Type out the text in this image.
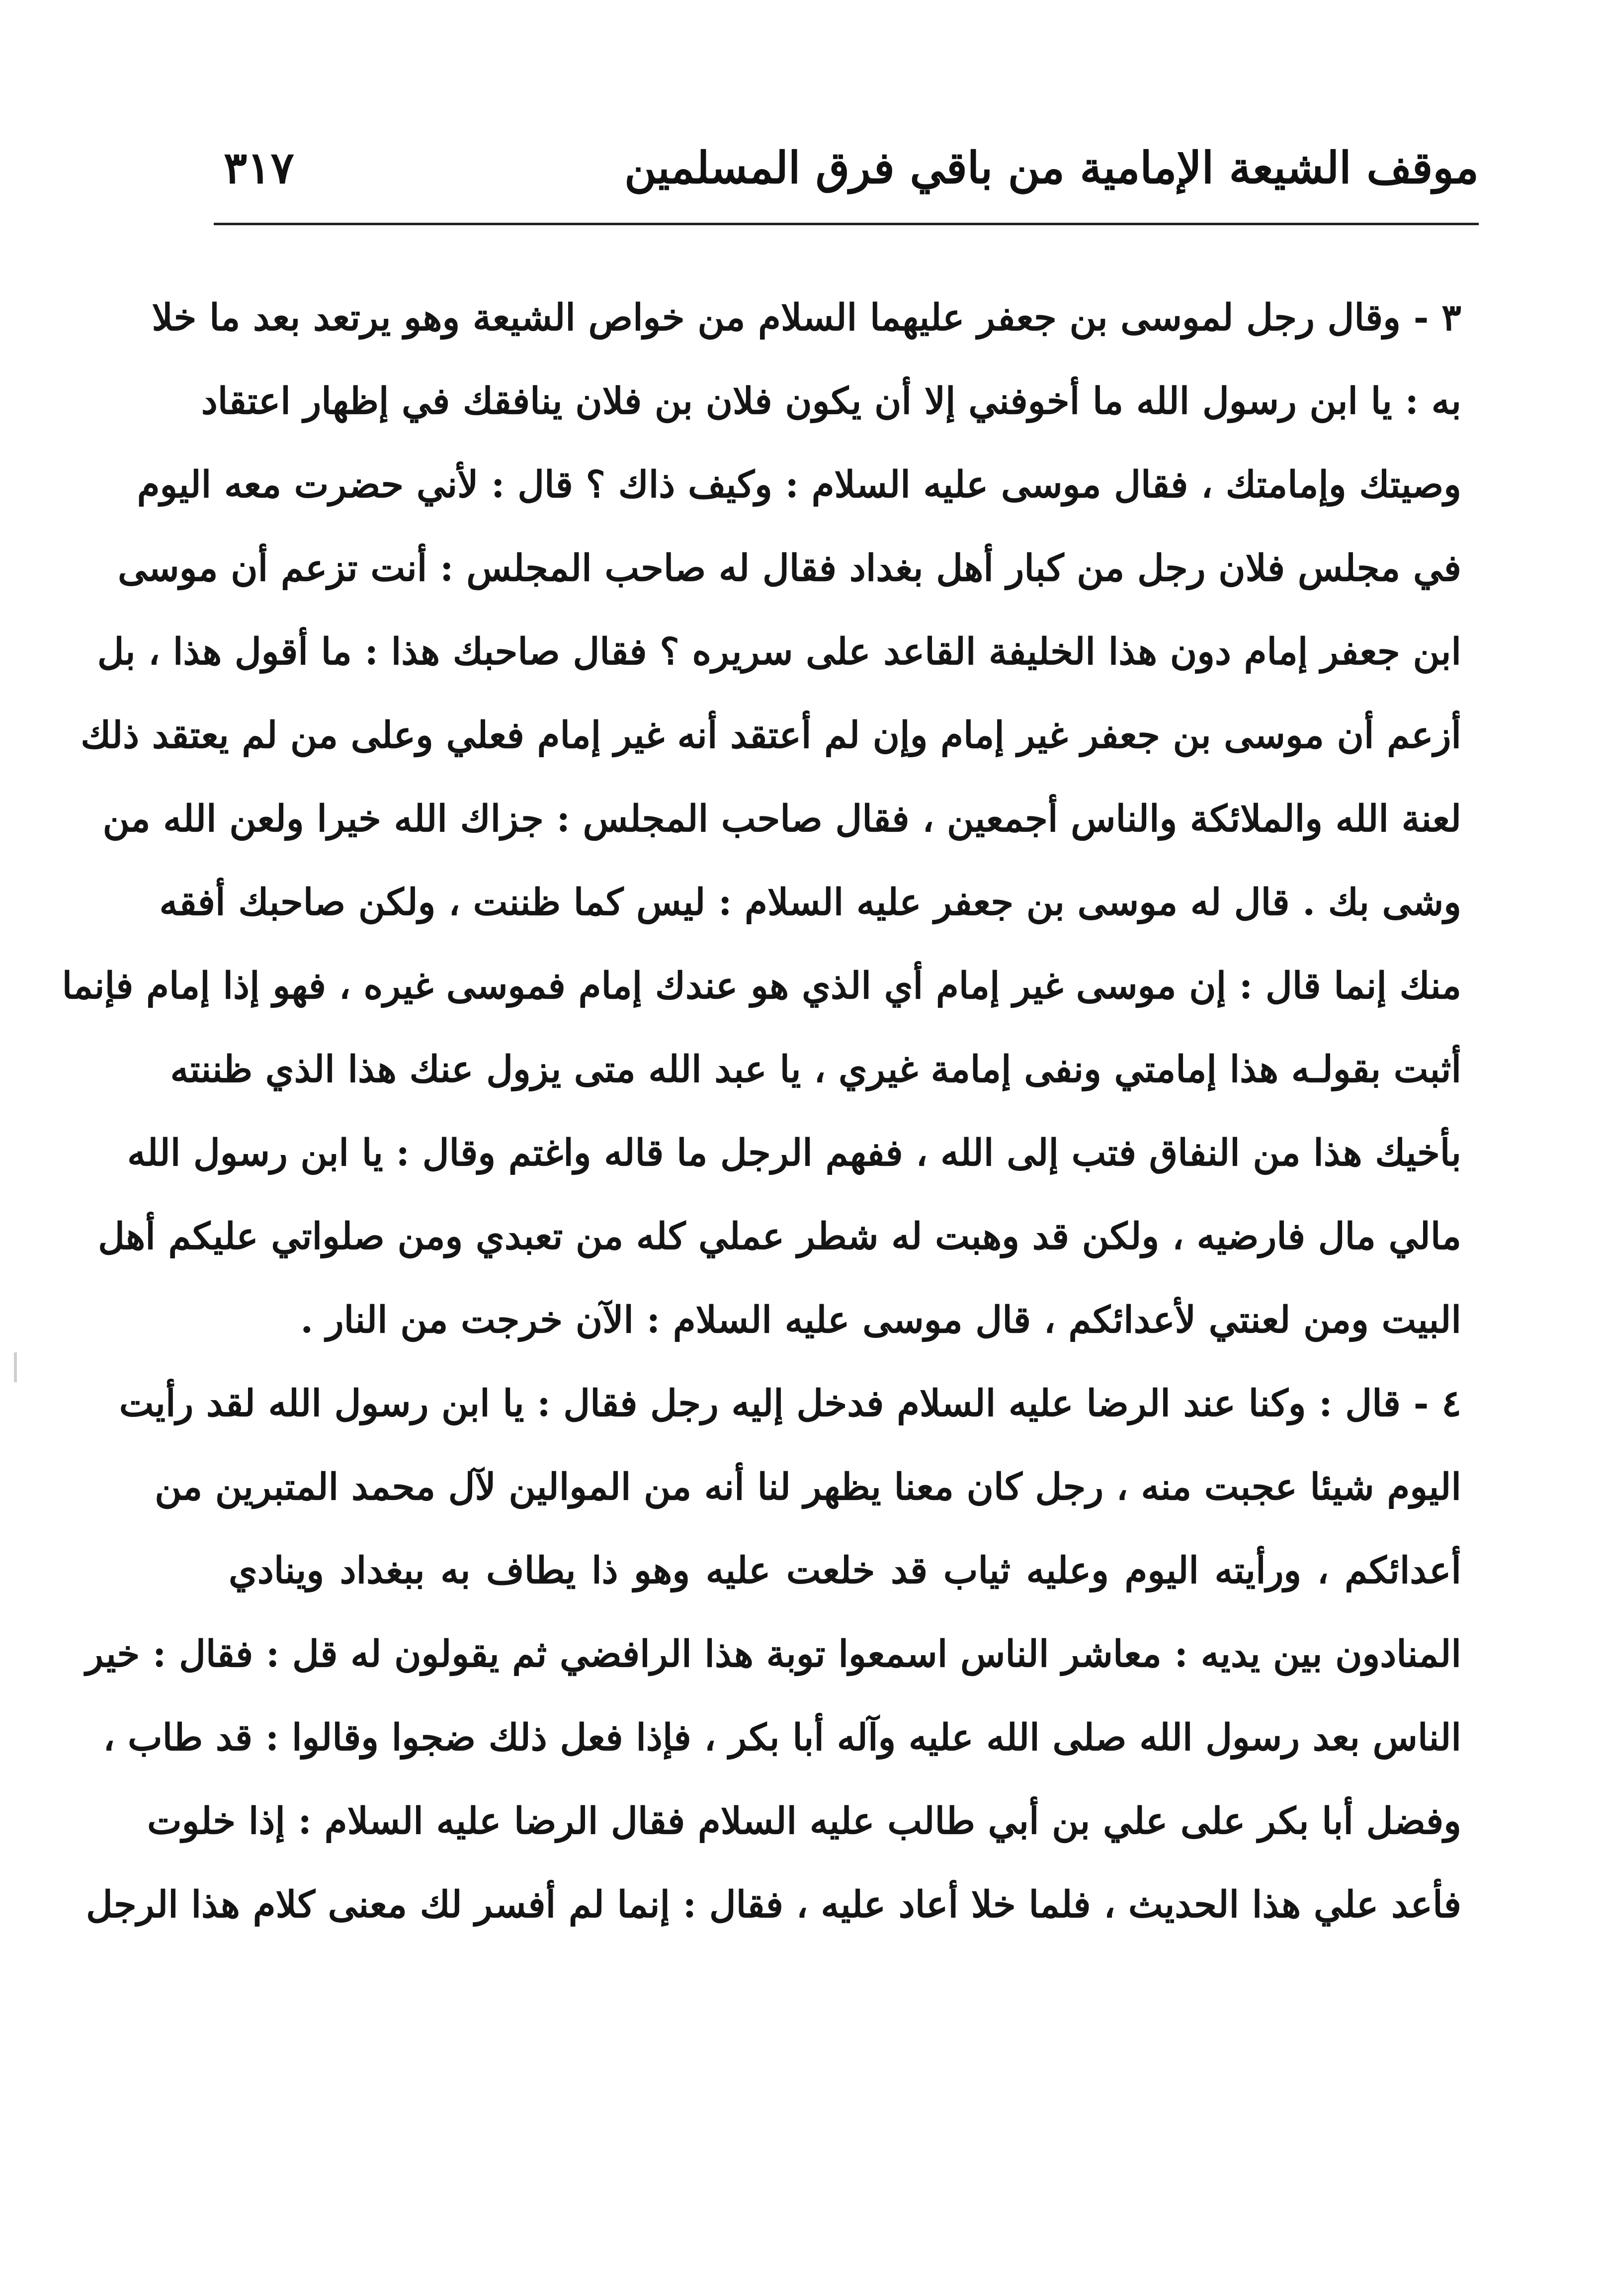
موقف الشيعة الإمامية من باقي فرق المسلمين
٣١٧
٣ - وقال رجل لموسى بن جعفر عليهما السلام من خواص الشيعة وهو يرتعد بعد ما خلا
به : يا ابن رسول الله ما أخوفني إلا أن يكون فلان بن فلان ينافقك في إظهار اعتقاد
وصيتك وإمامتك ، فقال موسى عليه السلام : وكيف ذاك ؟ قال : لأني حضرت معه اليوم
في مجلس فلان رجل من كبار أهل بغداد فقال له صاحب المجلس : أنت تزعم أن موسى
ابن جعفر إمام دون هذا الخليفة القاعد على سريره ؟ فقال صاحبك هذا : ما أقول هذا ، بل
أزعم أن موسى بن جعفر غير إمام وإن لم أعتقد أنه غير إمام فعلي وعلى من لم يعتقد ذلك
لعنة الله والملائكة والناس أجمعين ، فقال صاحب المجلس : جزاك الله خيرا ولعن الله من
وشى بك . قال له موسى بن جعفر عليه السلام : ليس كما ظننت ، ولكن صاحبك أفقه
منك إنما قال : إن موسى غير إمام أي الذي هو عندك إمام فموسى غيره ، فهو إذا إمام فإنما
أثبت بقولـه هذا إمامتي ونفى إمامة غيري ، يا عبد الله متى يزول عنك هذا الذي ظننته
بأخيك هذا من النفاق فتب إلى الله ، ففهم الرجل ما قاله واغتم وقال : يا ابن رسول الله
مالي مال فارضيه ، ولكن قد وهبت له شطر عملي كله من تعبدي ومن صلواتي عليكم أهل
البيت ومن لعنتي لأعدائكم ، قال موسى عليه السلام : الآن خرجت من النار .
٤ - قال : وكنا عند الرضا عليه السلام فدخل إليه رجل فقال : يا ابن رسول الله لقد رأيت
اليوم شيئا عجبت منه ، رجل كان معنا يظهر لنا أنه من الموالين لآل محمد المتبرين من
أعدائكم ، ورأيته اليوم وعليه ثياب قد خلعت عليه وهو ذا يطاف به ببغداد وينادي
المنادون بين يديه : معاشر الناس اسمعوا توبة هذا الرافضي ثم يقولون له قل : فقال : خير
الناس بعد رسول الله صلى الله عليه وآله أبا بكر ، فإذا فعل ذلك ضجوا وقالوا : قد طاب ،
وفضل أبا بكر على علي بن أبي طالب عليه السلام فقال الرضا عليه السلام : إذا خلوت
فأعد علي هذا الحديث ، فلما خلا أعاد عليه ، فقال : إنما لم أفسر لك معنى كلام هذا الرجل
